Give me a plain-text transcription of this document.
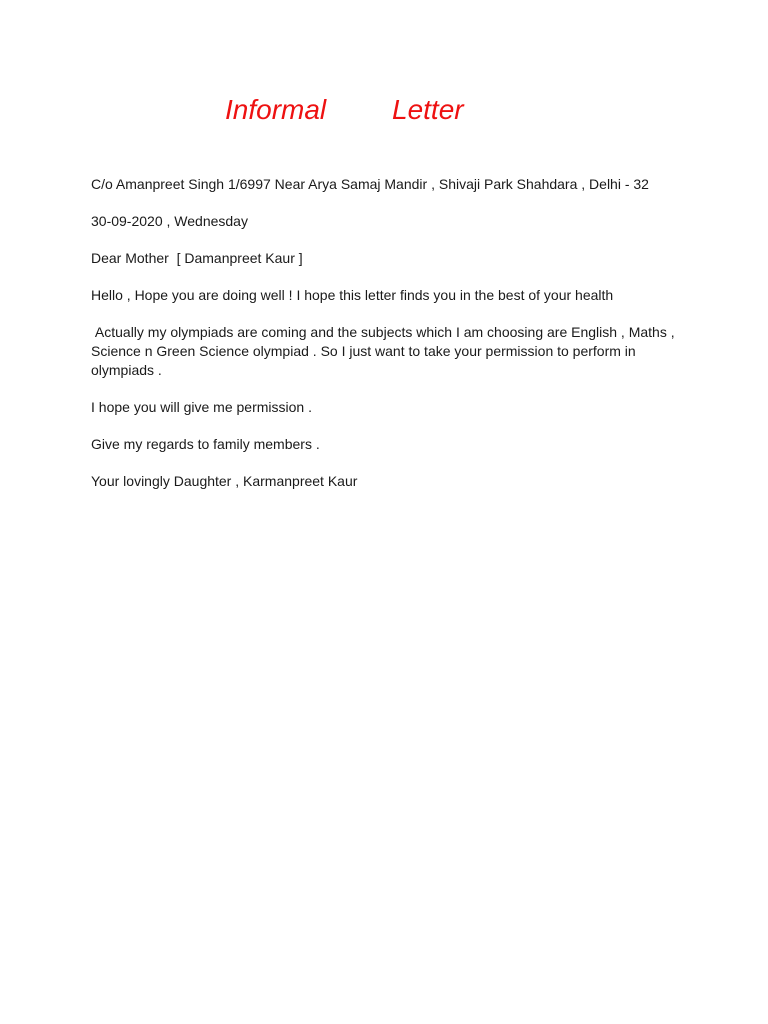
Informal Letter

C/o Amanpreet Singh 1/6997 Near Arya Samaj Mandir , Shivaji Park Shahdara , Delhi - 32

30-09-2020 , Wednesday

Dear Mother  [ Damanpreet Kaur ]

Hello , Hope you are doing well ! I hope this letter finds you in the best of your health

Actually my olympiads are coming and the subjects which I am choosing are English , Maths , Science n Green Science olympiad . So I just want to take your permission to perform in olympiads .

I hope you will give me permission .

Give my regards to family members .

Your lovingly Daughter , Karmanpreet Kaur
